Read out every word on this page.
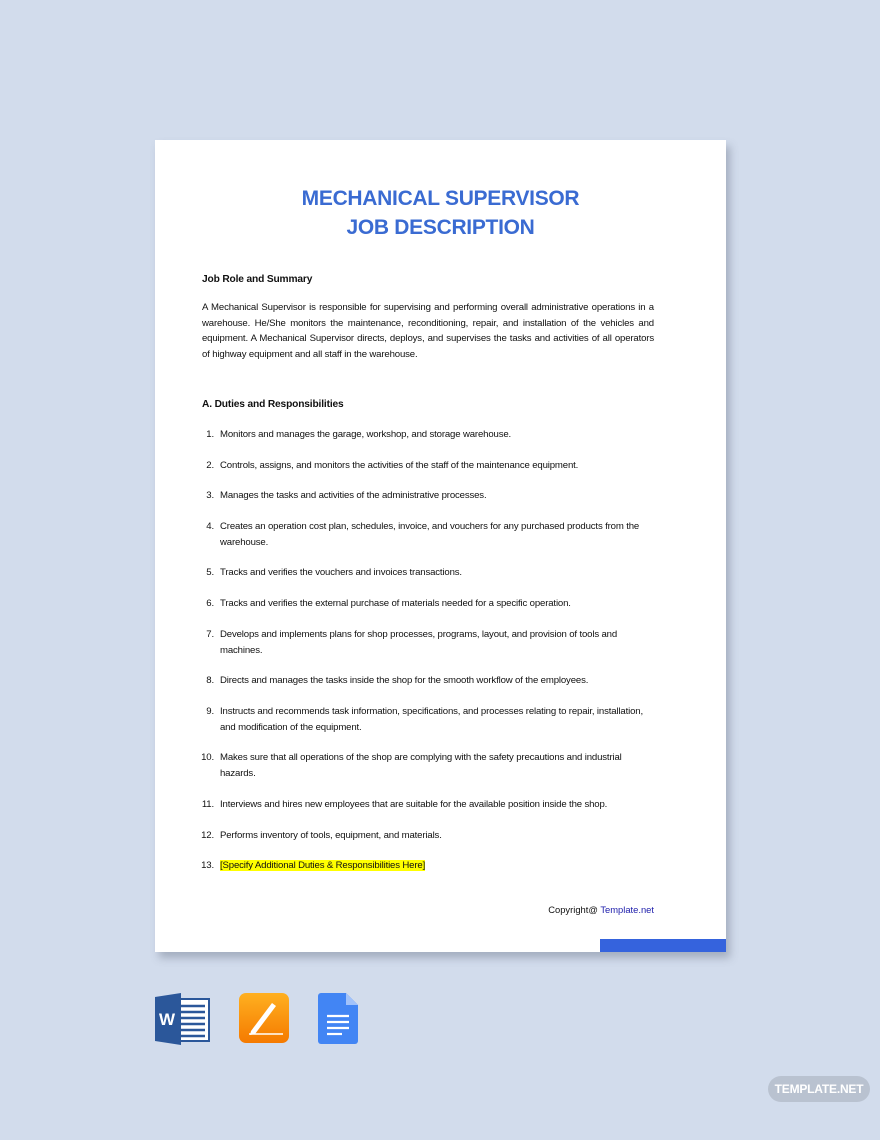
MECHANICAL SUPERVISOR
JOB DESCRIPTION
Job Role and Summary
A Mechanical Supervisor is responsible for supervising and performing overall administrative operations in a warehouse. He/She monitors the maintenance, reconditioning, repair, and installation of the vehicles and equipment. A Mechanical Supervisor directs, deploys, and supervises the tasks and activities of all operators of highway equipment and all staff in the warehouse.
A. Duties and Responsibilities
1. Monitors and manages the garage, workshop, and storage warehouse.
2. Controls, assigns, and monitors the activities of the staff of the maintenance equipment.
3. Manages the tasks and activities of the administrative processes.
4. Creates an operation cost plan, schedules, invoice, and vouchers for any purchased products from the warehouse.
5. Tracks and verifies the vouchers and invoices transactions.
6. Tracks and verifies the external purchase of materials needed for a specific operation.
7. Develops and implements plans for shop processes, programs, layout, and provision of tools and machines.
8. Directs and manages the tasks inside the shop for the smooth workflow of the employees.
9. Instructs and recommends task information, specifications, and processes relating to repair, installation, and modification of the equipment.
10. Makes sure that all operations of the shop are complying with the safety precautions and industrial hazards.
11. Interviews and hires new employees that are suitable for the available position inside the shop.
12. Performs inventory of tools, equipment, and materials.
13. [Specify Additional Duties & Responsibilities Here]
Copyright@ Template.net
W
TEMPLATE.NET
